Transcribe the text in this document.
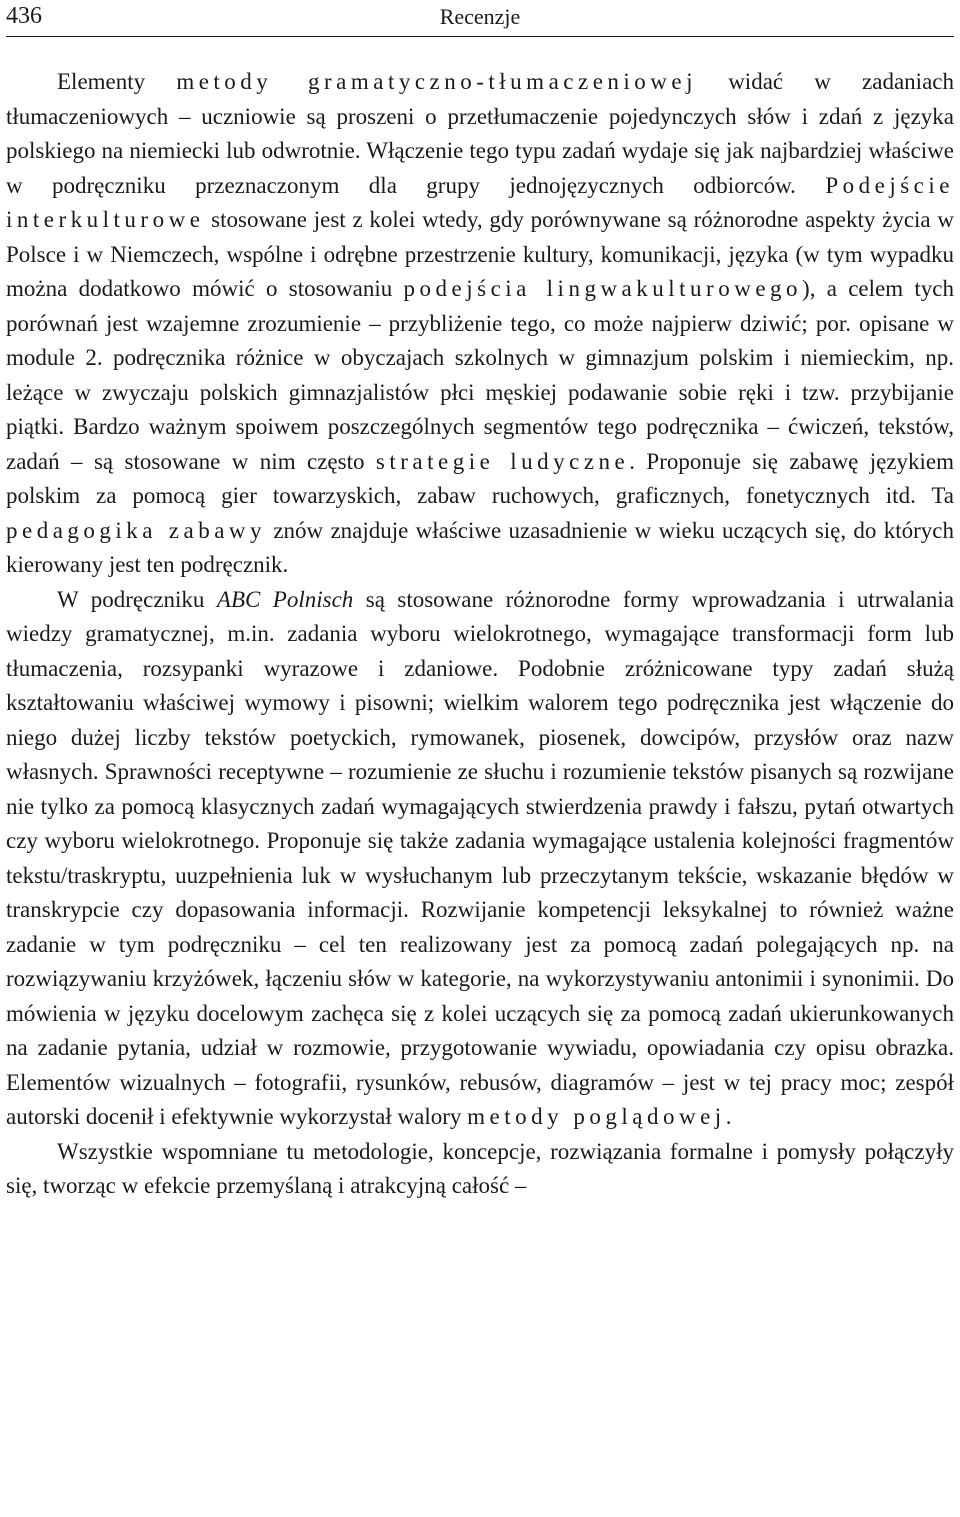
436	Recenzje

Elementy metody gramatyczno-tłumaczeniowej widać w zadaniach tłumaczeniowych – uczniowie są proszeni o przetłumaczenie pojedynczych słów i zdań z języka polskiego na niemiecki lub odwrotnie. Włączenie tego typu zadań wydaje się jak najbardziej właściwe w podręczniku przeznaczonym dla grupy jednojęzycznych odbiorców. Podejście interkulturowe stosowane jest z kolei wtedy, gdy porównywane są różnorodne aspekty życia w Polsce i w Niemczech, wspólne i odrębne przestrzenie kultury, komunikacji, języka (w tym wypadku można dodatkowo mówić o stosowaniu podejścia lingwakulturowego), a celem tych porównań jest wzajemne zrozumienie – przybliżenie tego, co może najpierw dziwić; por. opisane w module 2. podręcznika różnice w obyczajach szkolnych w gimnazjum polskim i niemieckim, np. leżące w zwyczaju polskich gimnazjalistów płci męskiej podawanie sobie ręki i tzw. przybijanie piątki. Bardzo ważnym spoiwem poszczególnych segmentów tego podręcznika – ćwiczeń, tekstów, zadań – są stosowane w nim często strategie ludyczne. Proponuje się zabawę językiem polskim za pomocą gier towarzyskich, zabaw ruchowych, graficznych, fonetycznych itd. Ta pedagogika zabawy znów znajduje właściwe uzasadnienie w wieku uczących się, do których kierowany jest ten podręcznik.

W podręczniku ABC Polnisch są stosowane różnorodne formy wprowadzania i utrwalania wiedzy gramatycznej, m.in. zadania wyboru wielokrotnego, wymagające transformacji form lub tłumaczenia, rozsypanki wyrazowe i zdaniowe. Podobnie zróżnicowane typy zadań służą kształtowaniu właściwej wymowy i pisowni; wielkim walorem tego podręcznika jest włączenie do niego dużej liczby tekstów poetyckich, rymowanek, piosenek, dowcipów, przysłów oraz nazw własnych. Sprawności receptywne – rozumienie ze słuchu i rozumienie tekstów pisanych są rozwijane nie tylko za pomocą klasycznych zadań wymagających stwierdzenia prawdy i fałszu, pytań otwartych czy wyboru wielokrotnego. Proponuje się także zadania wymagające ustalenia kolejności fragmentów tekstu/traskryptu, uuzpełnienia luk w wysłuchanym lub przeczytanym tekście, wskazanie błędów w transkrypcie czy dopasowania informacji. Rozwijanie kompetencji leksykalnej to również ważne zadanie w tym podręczniku – cel ten realizowany jest za pomocą zadań polegających np. na rozwiązywaniu krzyżówek, łączeniu słów w kategorie, na wykorzystywaniu antonimii i synonimii. Do mówienia w języku docelowym zachęca się z kolei uczących się za pomocą zadań ukierunkowanych na zadanie pytania, udział w rozmowie, przygotowanie wywiadu, opowiadania czy opisu obrazka. Elementów wizualnych – fotografii, rysunków, rebusów, diagramów – jest w tej pracy moc; zespół autorski docenił i efektywnie wykorzystał walory metody poglądowej.

Wszystkie wspomniane tu metodologie, koncepcje, rozwiązania formalne i pomysły połączyły się, tworząc w efekcie przemyślaną i atrakcyjną całość –
